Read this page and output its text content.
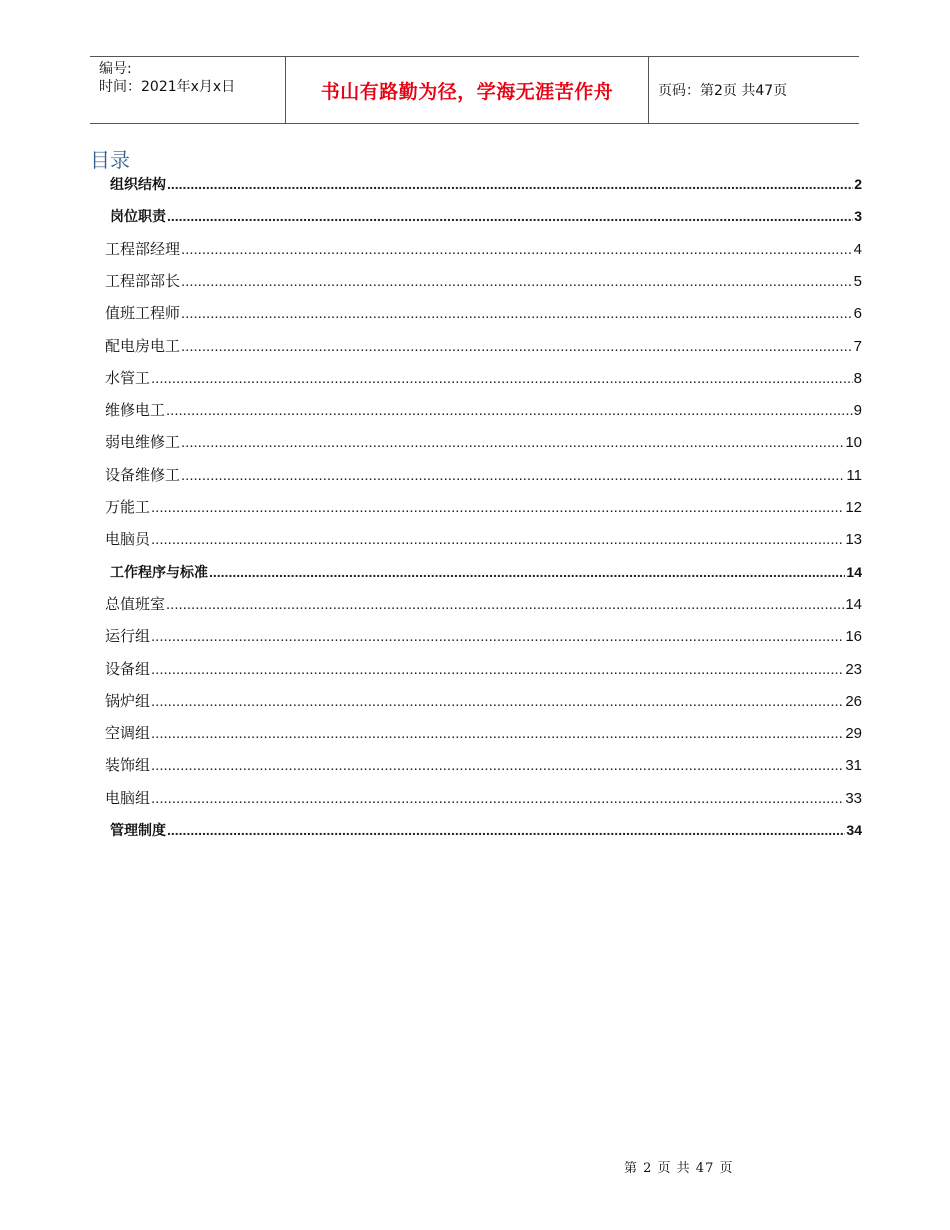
编号:
时间：2021年x月x日	书山有路勤为径，学海无涯苦作舟	页码：第2页 共47页
目录
组织结构 .....	2
岗位职责 .....	3
工程部经理 .....	4
工程部部长 .....	5
值班工程师 .....	6
配电房电工 .....	7
水管工 .....	8
维修电工 .....	9
弱电维修工 .....	10
设备维修工 .....	11
万能工 .....	12
电脑员 .....	13
工作程序与标准 .....	14
总值班室 .....	14
运行组 .....	16
设备组 .....	23
锅炉组 .....	26
空调组 .....	29
装饰组 .....	31
电脑组 .....	33
管理制度 .....	34
第 2 页 共 47 页
